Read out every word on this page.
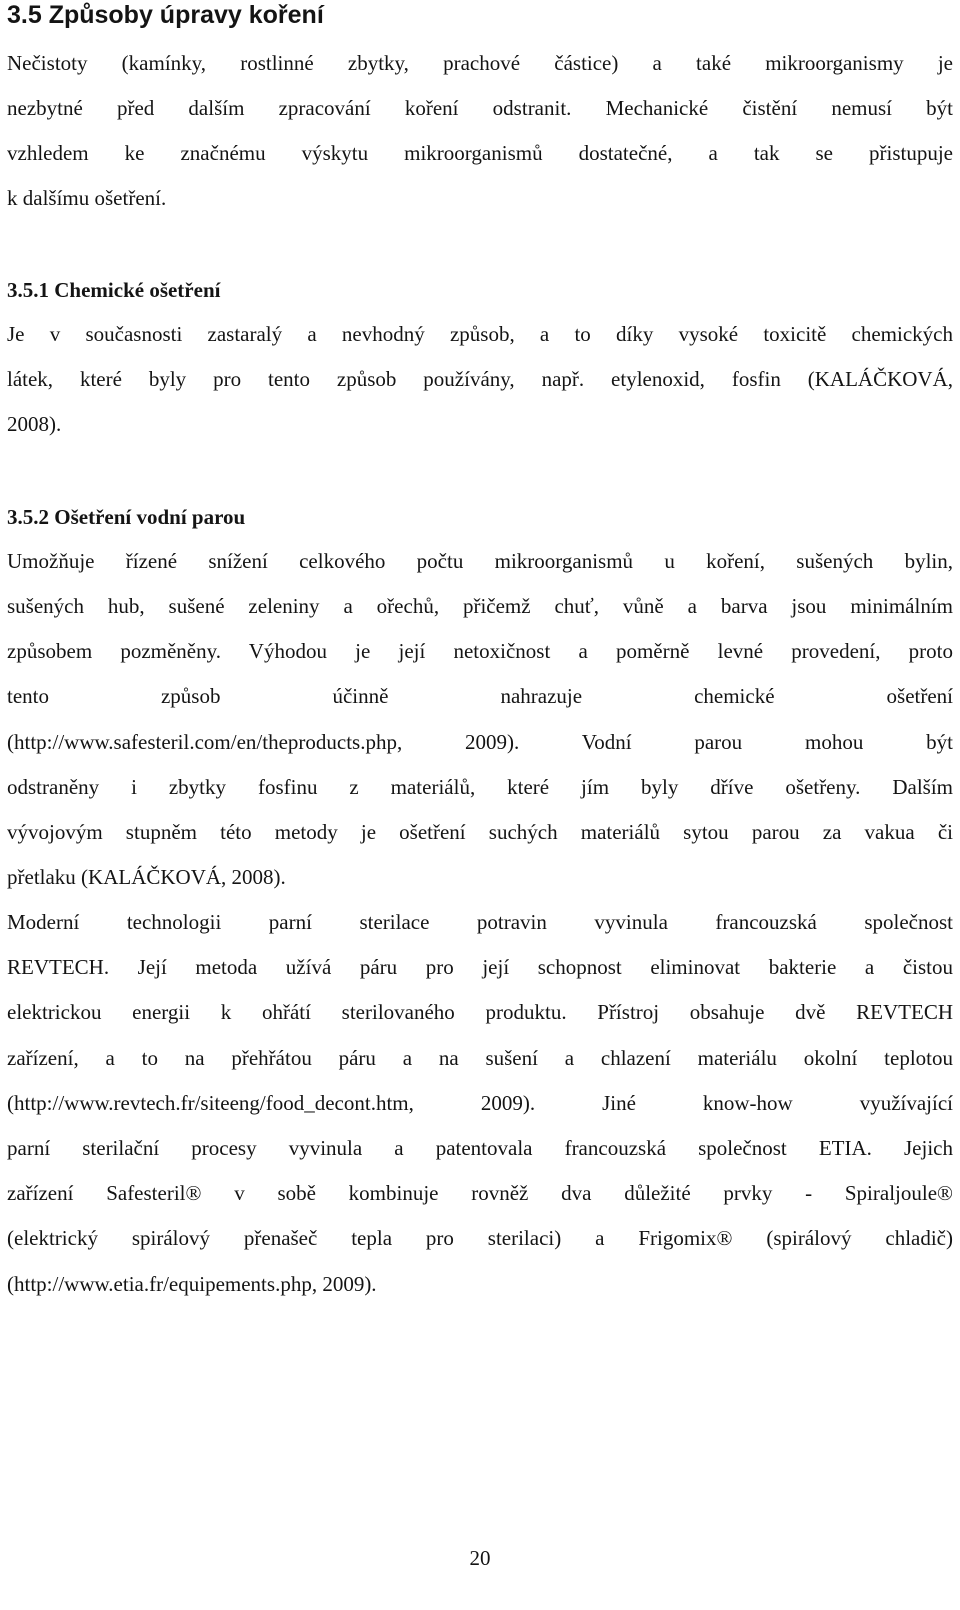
3.5 Způsoby úpravy koření
Nečistoty (kamínky, rostlinné zbytky, prachové částice) a také mikroorganismy je
nezbytné před dalším zpracování koření odstranit. Mechanické čistění nemusí být
vzhledem ke značnému výskytu mikroorganismů dostatečné, a tak se přistupuje
k dalšímu ošetření.
3.5.1 Chemické ošetření
Je v současnosti zastaralý a nevhodný způsob, a to díky vysoké toxicitě chemických
látek, které byly pro tento způsob používány, např. etylenoxid, fosfin (KALÁČKOVÁ,
2008).
3.5.2 Ošetření vodní parou
Umožňuje řízené snížení celkového počtu mikroorganismů u koření, sušených bylin,
sušených hub, sušené zeleniny a ořechů, přičemž chuť, vůně a barva jsou minimálním
způsobem pozměněny. Výhodou je její netoxičnost a poměrně levné provedení, proto
tento způsob účinně nahrazuje chemické ošetření
(http://www.safesteril.com/en/theproducts.php, 2009). Vodní parou mohou být
odstraněny i zbytky fosfinu z materiálů, které jím byly dříve ošetřeny. Dalším
vývojovým stupněm této metody je ošetření suchých materiálů sytou parou za vakua či
přetlaku (KALÁČKOVÁ, 2008).
Moderní technologii parní sterilace potravin vyvinula francouzská společnost
REVTECH. Její metoda užívá páru pro její schopnost eliminovat bakterie a čistou
elektrickou energii k ohřátí sterilovaného produktu. Přístroj obsahuje dvě REVTECH
zařízení, a to na přehřátou páru a na sušení a chlazení materiálu okolní teplotou
(http://www.revtech.fr/siteeng/food_decont.htm, 2009). Jiné know-how využívající
parní sterilační procesy vyvinula a patentovala francouzská společnost ETIA. Jejich
zařízení Safesteril® v sobě kombinuje rovněž dva důležité prvky - Spiraljoule®
(elektrický spirálový přenašeč tepla pro sterilaci) a Frigomix® (spirálový chladič)
(http://www.etia.fr/equipements.php, 2009).
20
